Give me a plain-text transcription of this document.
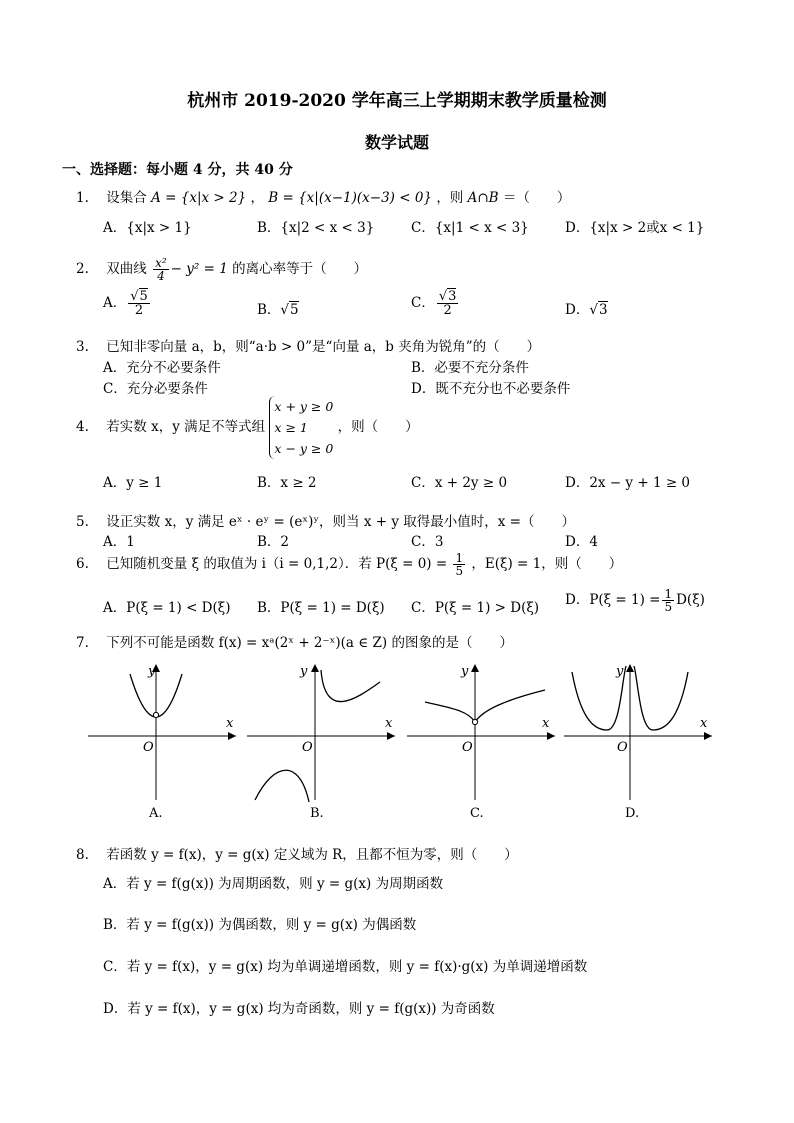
杭州市 2019-2020 学年高三上学期期末教学质量检测
数学试题
一、选择题：每小题 4 分，共 40 分
1. 设集合 A = {x|x > 2} ， B = {x|(x−1)(x−3) < 0} ，则 A∩B ＝（　　）
A．{x|x > 1}	B．{x|2 < x < 3}	C．{x|1 < x < 3}	D．{x|x > 2或x < 1}
2. 双曲线 $\frac{\text{x²}}{4} - y^2 = 1$ 的离心率等于（　　）
A． $\frac{√5}{2}$	B．√5	C． $\frac{√3}{2}$	D．√3
3. 已知非零向量 a，b，则“a·b > 0”是“向量 a，b 夹角为锐角”的（　　）
A．充分不必要条件	B．必要不充分条件
C．充分必要条件	D．既不充分也不必要条件
4. 若实数 x，y 满足不等式组
x + y ≥ 0
x ≥ 1
x − y ≥ 0
，则（　　）
A．y ≥ 1	B．x ≥ 2	C．x + 2y ≥ 0	D．2x − y + 1 ≥ 0
5. 设正实数 x，y 满足 eˣ · eʸ = (eˣ)ʸ，则当 x + y 取得最小值时，x =（　　）
A．1	B．2	C．3	D．4
6. 已知随机变量 ξ 的取值为 i（i = 0,1,2）．若 $P(\xi = 0) = \frac{1}{5}$ ，E(ξ) = 1，则（　　）
A．P(ξ = 1) < D(ξ) B．P(ξ = 1) = D(ξ) C．P(ξ = 1) > D(ξ) D．$P(\xi = 1) = \frac{1}{5} D(\xi)$
7. 下列不可能是函数 f(x) = xᵃ(2ˣ + 2⁻ˣ)(a ∈ Z) 的图象的是（　　）
y
x
O
A.
y
x
O
B.
y
x
O
C.
y
x
O
D.
8. 若函数 y = f(x)，y = g(x) 定义域为 R，且都不恒为零，则（　　）
A．若 y = f(g(x)) 为周期函数，则 y = g(x) 为周期函数
B．若 y = f(g(x)) 为偶函数，则 y = g(x) 为偶函数
C．若 y = f(x)，y = g(x) 均为单调递增函数，则 y = f(x)·g(x) 为单调递增函数
D．若 y = f(x)，y = g(x) 均为奇函数，则 y = f(g(x)) 为奇函数
